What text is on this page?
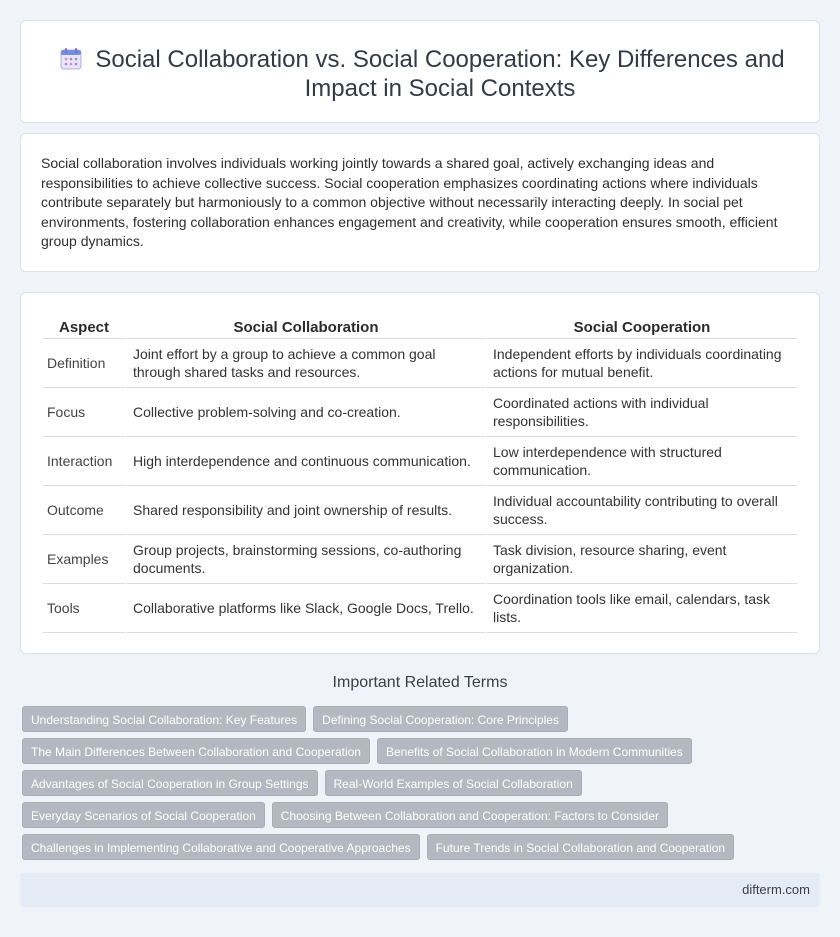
Social Collaboration vs. Social Cooperation: Key Differences and Impact in Social Contexts

Social collaboration involves individuals working jointly towards a shared goal, actively exchanging ideas and responsibilities to achieve collective success. Social cooperation emphasizes coordinating actions where individuals contribute separately but harmoniously to a common objective without necessarily interacting deeply. In social pet environments, fostering collaboration enhances engagement and creativity, while cooperation ensures smooth, efficient group dynamics.

Aspect	Social Collaboration	Social Cooperation
Definition	Joint effort by a group to achieve a common goal through shared tasks and resources.	Independent efforts by individuals coordinating actions for mutual benefit.
Focus	Collective problem-solving and co-creation.	Coordinated actions with individual responsibilities.
Interaction	High interdependence and continuous communication.	Low interdependence with structured communication.
Outcome	Shared responsibility and joint ownership of results.	Individual accountability contributing to overall success.
Examples	Group projects, brainstorming sessions, co-authoring documents.	Task division, resource sharing, event organization.
Tools	Collaborative platforms like Slack, Google Docs, Trello.	Coordination tools like email, calendars, task lists.
Important Related Terms
Understanding Social Collaboration: Key Features	Defining Social Cooperation: Core Principles
The Main Differences Between Collaboration and Cooperation	Benefits of Social Collaboration in Modern Communities
Advantages of Social Cooperation in Group Settings	Real-World Examples of Social Collaboration
Everyday Scenarios of Social Cooperation	Choosing Between Collaboration and Cooperation: Factors to Consider
Challenges in Implementing Collaborative and Cooperative Approaches	Future Trends in Social Collaboration and Cooperation
difterm.com
